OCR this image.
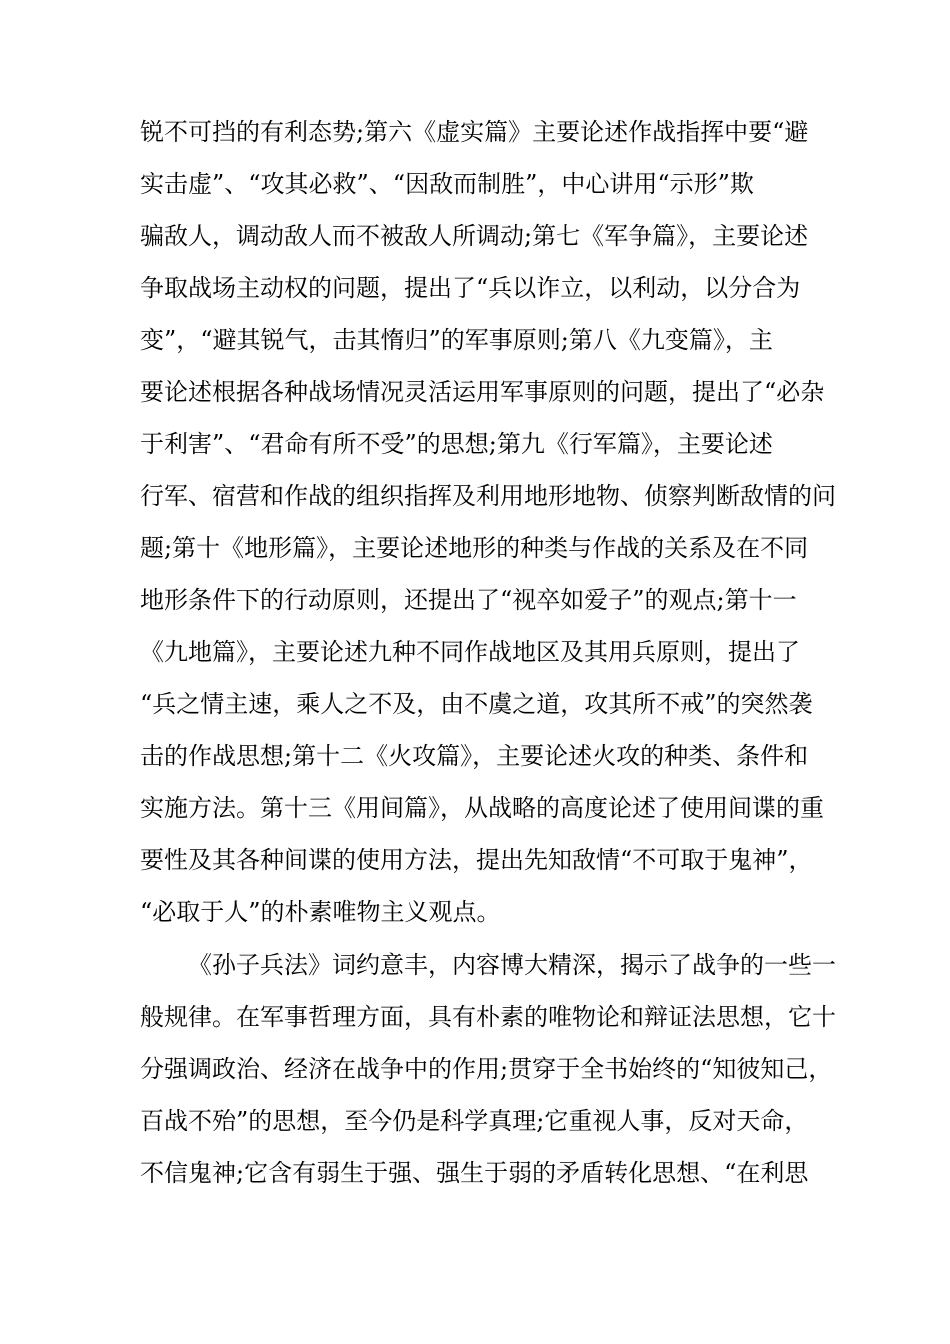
锐不可挡的有利态势;第六《虚实篇》主要论述作战指挥中要“避
实击虚”、“攻其必救”、“因敌而制胜”，中心讲用“示形”欺
骗敌人，调动敌人而不被敌人所调动;第七《军争篇》，主要论述
争取战场主动权的问题，提出了“兵以诈立，以利动，以分合为
变”，“避其锐气，击其惰归”的军事原则;第八《九变篇》，主
要论述根据各种战场情况灵活运用军事原则的问题，提出了“必杂
于利害”、“君命有所不受”的思想;第九《行军篇》，主要论述
行军、宿营和作战的组织指挥及利用地形地物、侦察判断敌情的问
题;第十《地形篇》，主要论述地形的种类与作战的关系及在不同
地形条件下的行动原则，还提出了“视卒如爱子”的观点;第十一
《九地篇》，主要论述九种不同作战地区及其用兵原则，提出了
“兵之情主速，乘人之不及，由不虞之道，攻其所不戒”的突然袭
击的作战思想;第十二《火攻篇》，主要论述火攻的种类、条件和
实施方法。第十三《用间篇》，从战略的高度论述了使用间谍的重
要性及其各种间谍的使用方法，提出先知敌情“不可取于鬼神”，
“必取于人”的朴素唯物主义观点。
《孙子兵法》词约意丰，内容博大精深，揭示了战争的一些一
般规律。在军事哲理方面，具有朴素的唯物论和辩证法思想，它十
分强调政治、经济在战争中的作用;贯穿于全书始终的“知彼知己，
百战不殆”的思想，至今仍是科学真理;它重视人事，反对天命，
不信鬼神;它含有弱生于强、强生于弱的矛盾转化思想、“在利思
